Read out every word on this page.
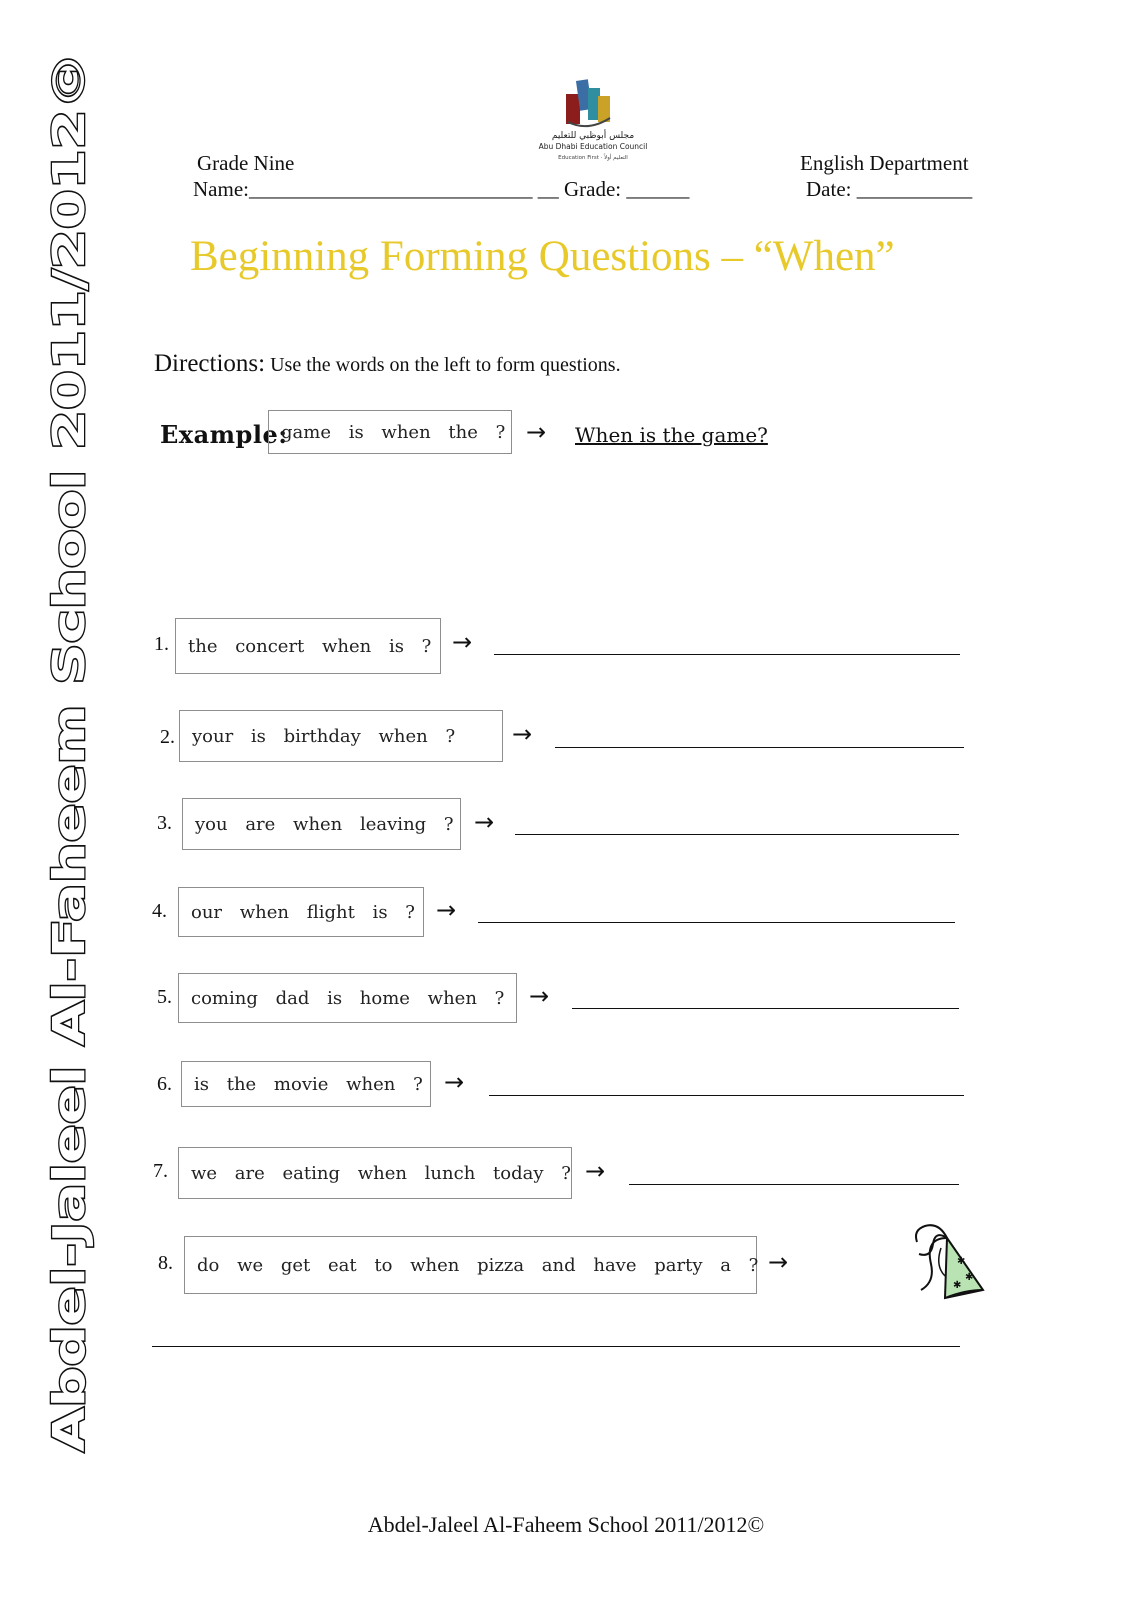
Abdel-Jaleel Al-Faheem School 2011/2012©
مجلس أبوظبي للتعليم
Abu Dhabi Education Council
Education First · التعليم أولاً
Grade Nine
Name:___________________________ __ Grade: ______
English Department
Date: ___________
Beginning Forming Questions – “When”
Directions: Use the words on the left to form questions.
Example:
game is when the ? → When is the game?
1.	the concert when is ? →
2. your is birthday when ?	→
3.	you are when leaving ? →
4.	our when flight is ? →
5.	coming dad is home when ?	→
6.	is the movie when ? →
7.	we are eating when lunch today ? →
8.	do we get eat to when pizza and have party a ? →	✱
✱
✱
Abdel-Jaleel Al-Faheem School 2011/2012©
